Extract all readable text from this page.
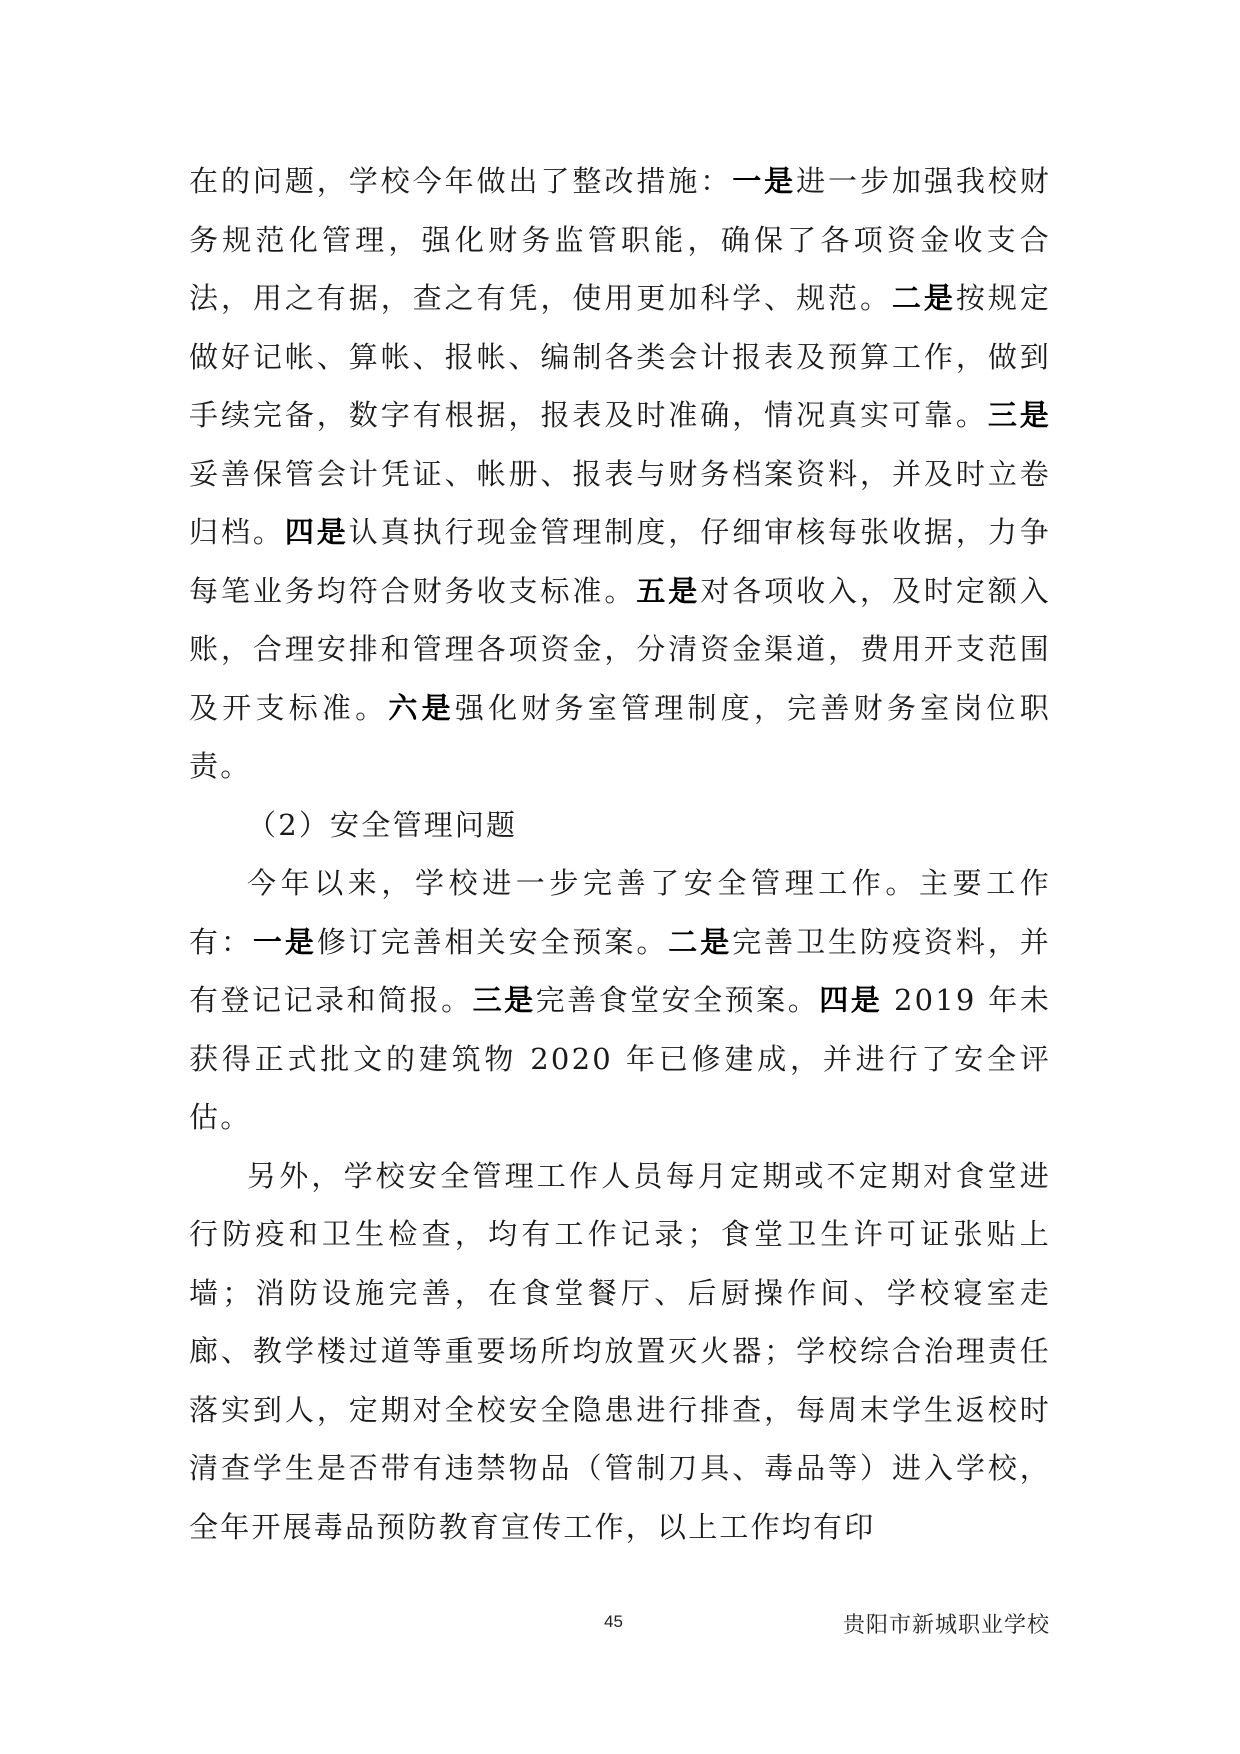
在的问题，学校今年做出了整改措施：一是进一步加强我校财务规范化管理，强化财务监管职能，确保了各项资金收支合法，用之有据，查之有凭，使用更加科学、规范。二是按规定做好记帐、算帐、报帐、编制各类会计报表及预算工作，做到手续完备，数字有根据，报表及时准确，情况真实可靠。三是妥善保管会计凭证、帐册、报表与财务档案资料，并及时立卷归档。四是认真执行现金管理制度，仔细审核每张收据，力争每笔业务均符合财务收支标准。五是对各项收入，及时定额入账，合理安排和管理各项资金，分清资金渠道，费用开支范围及开支标准。六是强化财务室管理制度，完善财务室岗位职责。

（2）安全管理问题

今年以来，学校进一步完善了安全管理工作。主要工作有：一是修订完善相关安全预案。二是完善卫生防疫资料，并有登记记录和简报。三是完善食堂安全预案。四是 2019 年未获得正式批文的建筑物 2020 年已修建成，并进行了安全评估。

另外，学校安全管理工作人员每月定期或不定期对食堂进行防疫和卫生检查，均有工作记录；食堂卫生许可证张贴上墙；消防设施完善，在食堂餐厅、后厨操作间、学校寝室走廊、教学楼过道等重要场所均放置灭火器；学校综合治理责任落实到人，定期对全校安全隐患进行排查，每周末学生返校时清查学生是否带有违禁物品（管制刀具、毒品等）进入学校，全年开展毒品预防教育宣传工作，以上工作均有印

45	贵阳市新城职业学校
